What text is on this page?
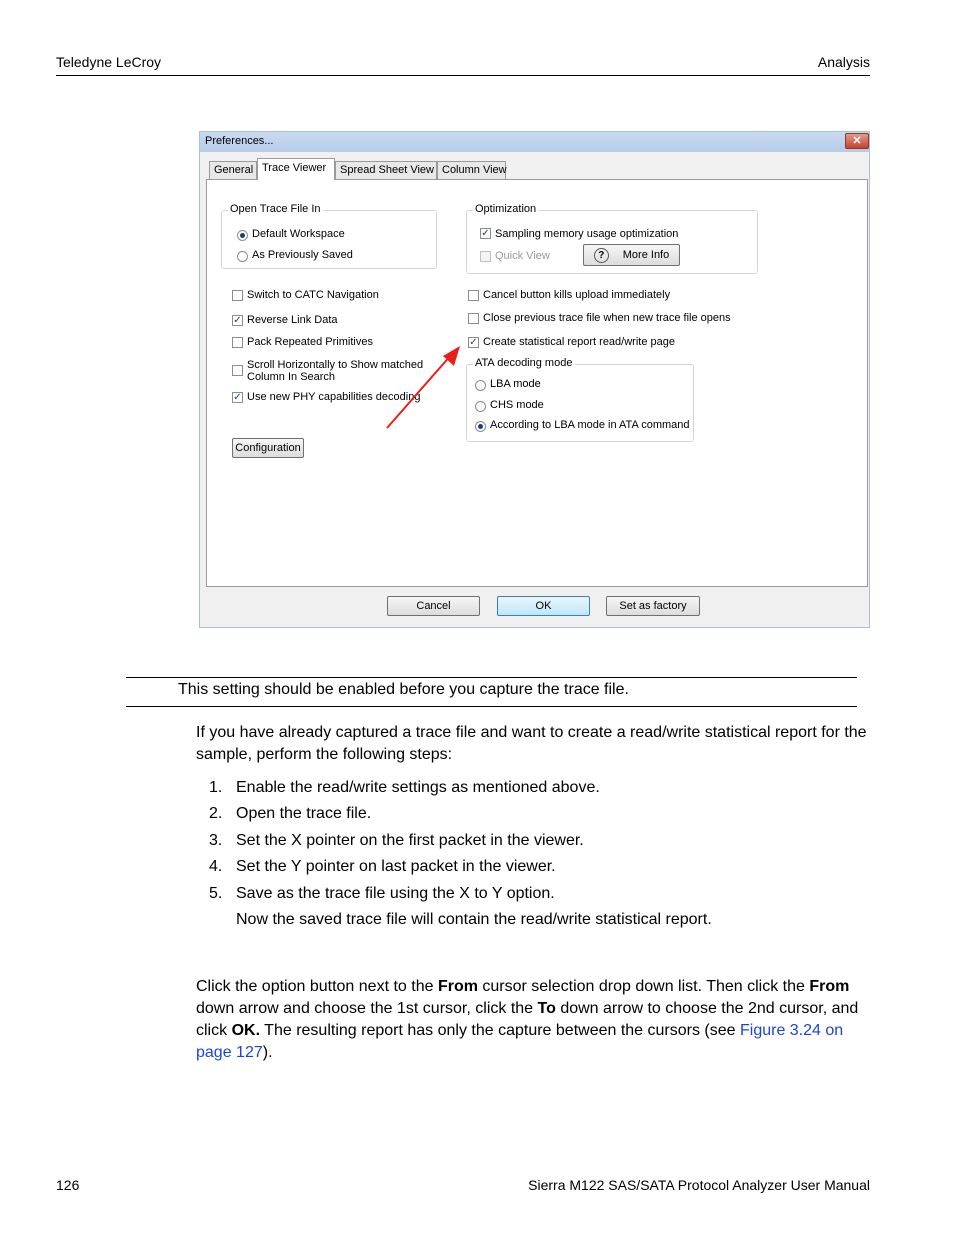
Teledyne LeCroy	Analysis
Preferences...	✕
General Trace Viewer	Spread Sheet View Column View
Open Trace File In
Default Workspace
As Previously Saved
Optimization
✓ Sampling memory usage optimization
Quick View	? More Info
Switch to CATC Navigation
✓ Reverse Link Data
Pack Repeated Primitives
Scroll Horizontally to Show matched Column In Search
✓ Use new PHY capabilities decoding
Configuration
Cancel button kills upload immediately
Close previous trace file when new trace file opens
✓ Create statistical report read/write page
ATA decoding mode
LBA mode
CHS mode
According to LBA mode in ATA command
Cancel	OK	Set as factory
This setting should be enabled before you capture the trace file.
If you have already captured a trace file and want to create a read/write statistical report for the sample, perform the following steps:
1. Enable the read/write settings as mentioned above.
2. Open the trace file.
3. Set the X pointer on the first packet in the viewer.
4. Set the Y pointer on last packet in the viewer.
5. Save as the trace file using the X to Y option.
Now the saved trace file will contain the read/write statistical report.
Click the option button next to the From cursor selection drop down list. Then click the From down arrow and choose the 1st cursor, click the To down arrow to choose the 2nd cursor, and click OK. The resulting report has only the capture between the cursors (see Figure 3.24 on page 127).
126	Sierra M122 SAS/SATA Protocol Analyzer User Manual
